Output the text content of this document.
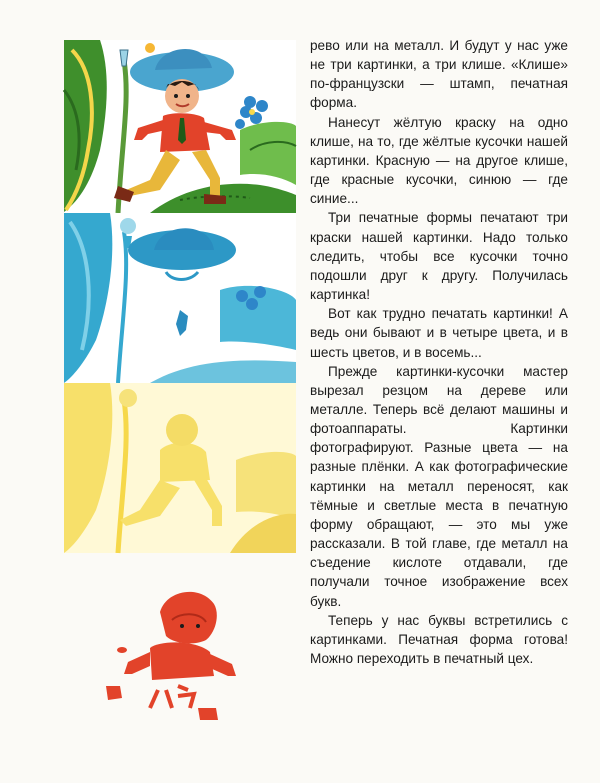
рево или на металл. И будут у нас уже не три картинки, а три клише. «Клише» по-французски — штамп, печатная форма.

Нанесут жёлтую краску на одно клише, на то, где жёлтые кусочки нашей картинки. Красную — на другое клише, где красные кусочки, синюю — где синие...

Три печатные формы печатают три краски нашей картинки. Надо только следить, чтобы все кусочки точно подошли друг к другу. Получилась картинка!

Вот как трудно печатать картинки! А ведь они бывают и в четыре цвета, и в шесть цветов, и в восемь...

Прежде картинки-кусочки мастер вырезал резцом на дереве или металле. Теперь всё делают машины и фотоаппараты. Картинки фотографируют. Разные цвета — на разные плёнки. А как фотографические картинки на металл переносят, как тёмные и светлые места в печатную форму обращают, — это мы уже рассказали. В той главе, где металл на съедение кислоте отдавали, где получали точное изображение всех букв.

Теперь у нас буквы встретились с картинками. Печатная форма готова! Можно переходить в печатный цех.
